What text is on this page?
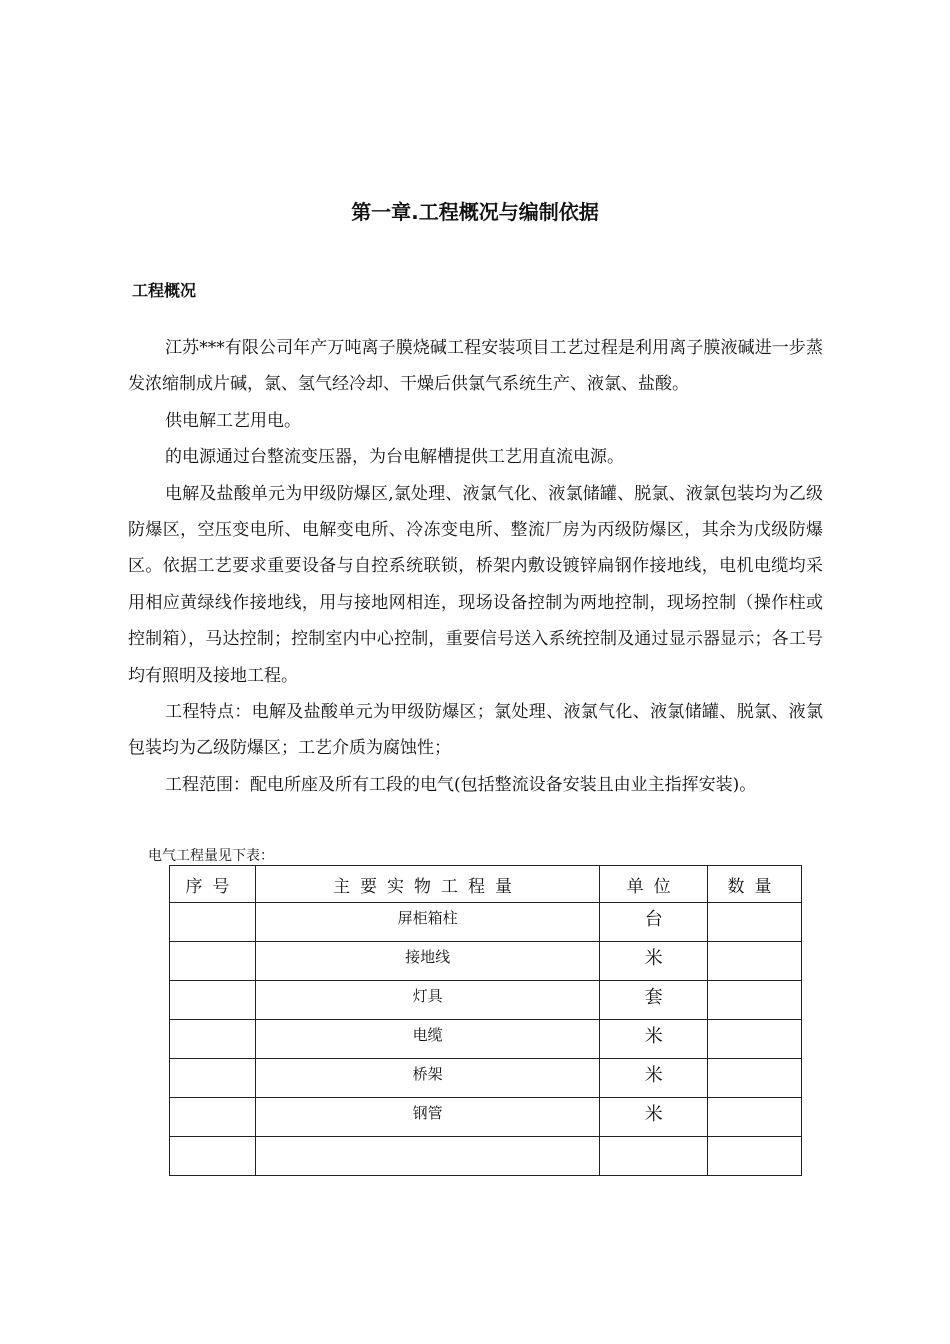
第一章.工程概况与编制依据
工程概况

江苏***有限公司年产万吨离子膜烧碱工程安装项目工艺过程是利用离子膜液碱进一步蒸发浓缩制成片碱，氯、氢气经冷却、干燥后供氯气系统生产、液氯、盐酸。

供电解工艺用电。

的电源通过台整流变压器，为台电解槽提供工艺用直流电源。

电解及盐酸单元为甲级防爆区,氯处理、液氯气化、液氯储罐、脱氯、液氯包装均为乙级防爆区，空压变电所、电解变电所、冷冻变电所、整流厂房为丙级防爆区，其余为戊级防爆区。依据工艺要求重要设备与自控系统联锁，桥架内敷设镀锌扁钢作接地线，电机电缆均采用相应黄绿线作接地线，用与接地网相连，现场设备控制为两地控制，现场控制（操作柱或控制箱），马达控制；控制室内中心控制，重要信号送入系统控制及通过显示器显示；各工号均有照明及接地工程。

工程特点：电解及盐酸单元为甲级防爆区；氯处理、液氯气化、液氯储罐、脱氯、液氯包装均为乙级防爆区；工艺介质为腐蚀性；

工程范围：配电所座及所有工段的电气(包括整流设备安装且由业主指挥安装)。

电气工程量见下表：
序号	主要实物工程量	单位	数量
	屏柜箱柱	台	
	接地线	米	
	灯具	套	
	电缆	米	
	桥架	米	
	钢管	米	
